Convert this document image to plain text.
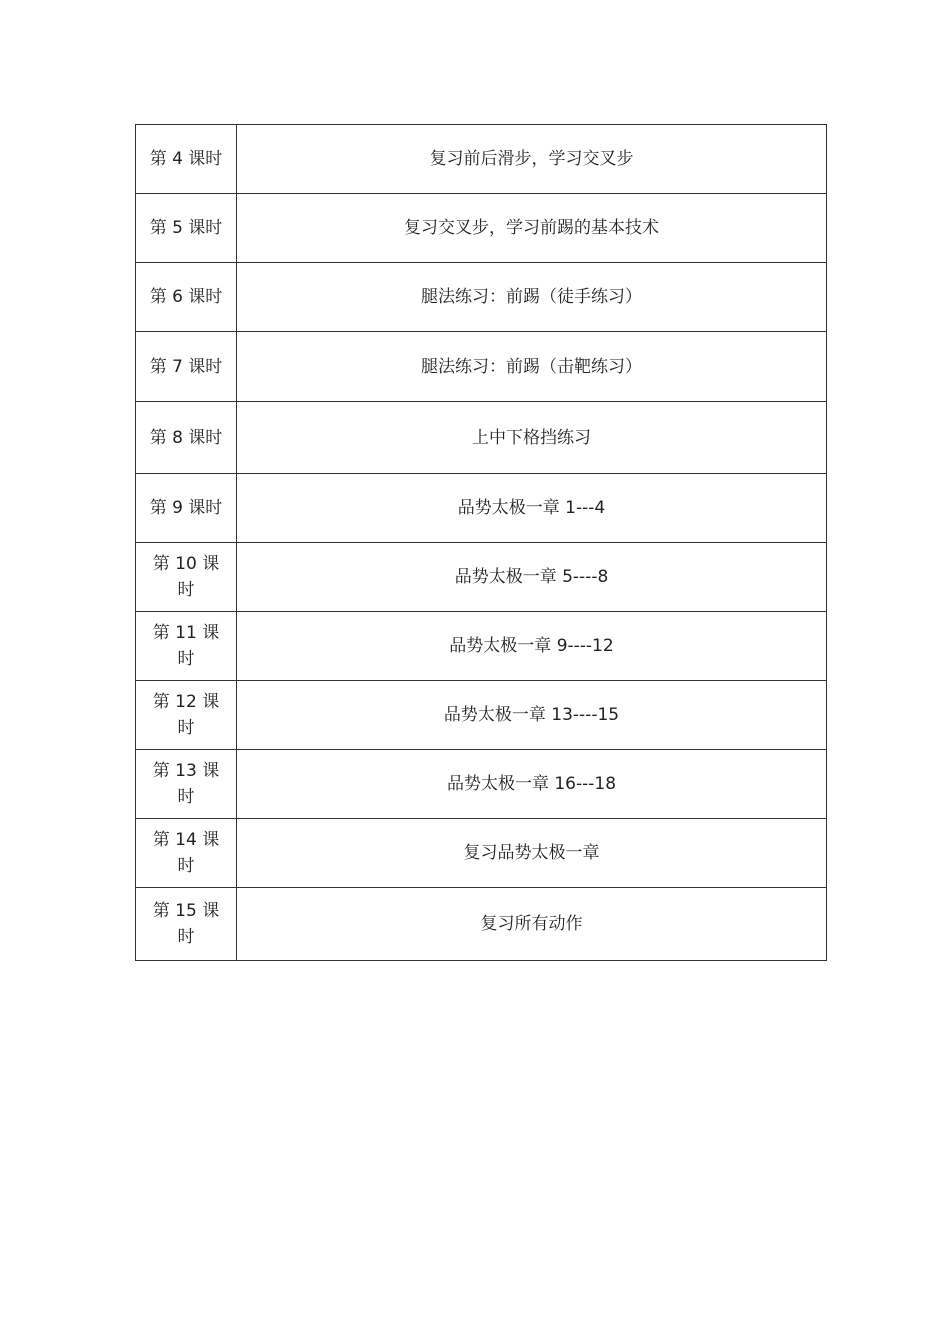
第 4 课时	复习前后滑步，学习交叉步
第 5 课时	复习交叉步，学习前踢的基本技术
第 6 课时	腿法练习：前踢（徒手练习）
第 7 课时	腿法练习：前踢（击靶练习）
第 8 课时	上中下格挡练习
第 9 课时	品势太极一章 1---4
第 10 课时	品势太极一章 5----8
第 11 课时	品势太极一章 9----12
第 12 课时	品势太极一章 13----15
第 13 课时	品势太极一章 16---18
第 14 课时	复习品势太极一章
第 15 课时	复习所有动作
